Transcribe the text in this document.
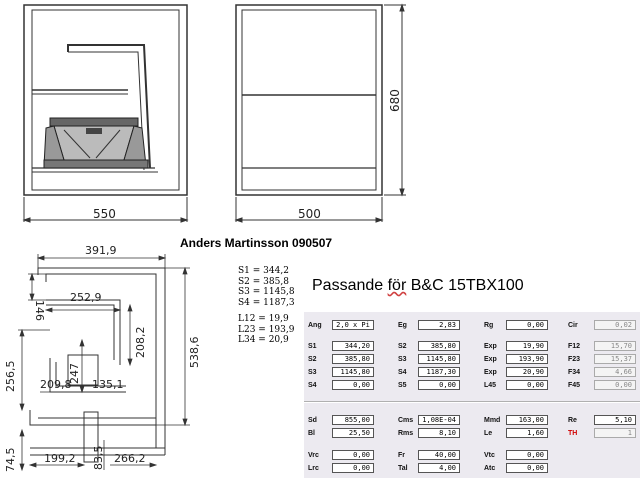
550	500
680
391,9
252,9
146
208,2	538,6
256,5	247
209,8 135,1
74,5 199,2 83,5 266,2
Anders Martinsson 090507
S1 = 344,2
S2 = 385,8
S3 = 1145,8
S4 = 1187,3
L12 = 19,9
L23 = 193,9
L34 = 20,9
Passande för B&C 15TBX100
Ang	2,0 x Pi	Eg	2,83	Rg	0,00	Cir	0,02
S1	344,20	S2	385,80	Exp	19,90	F12	15,70
S2	385,80	S3	1145,80	Exp	193,90	F23	15,37
S3	1145,80	S4	1187,30	Exp	20,90	F34	4,66
S4	0,00	S5	0,00	L45	0,00	F45	0,00
Sd	855,00	Cms	1,08E-04	Mmd	163,00	Re	5,10
Bl	25,50	Rms	8,10	Le	1,60	TH	1
Vrc	0,00	Fr	40,00	Vtc	0,00
Lrc	0,00	Tal	4,00	Atc	0,00
